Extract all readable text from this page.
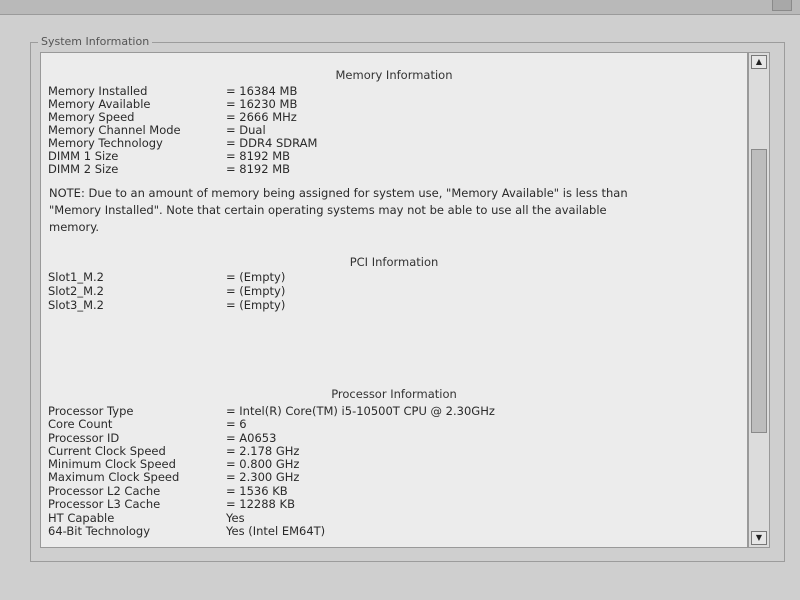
System Information
Memory Information
Memory Installed	= 16384 MB
Memory Available	= 16230 MB
Memory Speed	= 2666 MHz
Memory Channel Mode	= Dual
Memory Technology	= DDR4 SDRAM
DIMM 1 Size	= 8192 MB
DIMM 2 Size	= 8192 MB
NOTE: Due to an amount of memory being assigned for system use, "Memory Available" is less than "Memory Installed". Note that certain operating systems may not be able to use all the available memory.
PCI Information
Slot1_M.2	= (Empty)
Slot2_M.2	= (Empty)
Slot3_M.2	= (Empty)
Processor Information
Processor Type	= Intel(R) Core(TM) i5-10500T CPU @ 2.30GHz
Core Count	= 6
Processor ID	= A0653
Current Clock Speed	= 2.178 GHz
Minimum Clock Speed	= 0.800 GHz
Maximum Clock Speed	= 2.300 GHz
Processor L2 Cache	= 1536 KB
Processor L3 Cache	= 12288 KB
HT Capable	Yes
64-Bit Technology	Yes (Intel EM64T)
▲
▼
